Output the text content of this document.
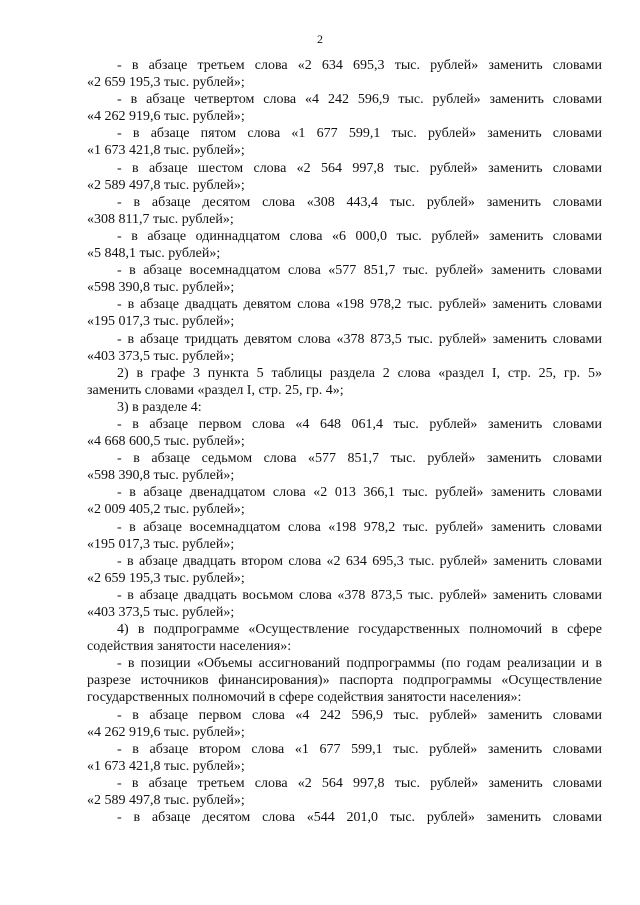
2

- в абзаце третьем слова «2 634 695,3 тыс. рублей» заменить словами
«2 659 195,3 тыс. рублей»;

- в абзаце четвертом слова «4 242 596,9 тыс. рублей» заменить словами
«4 262 919,6 тыс. рублей»;

- в абзаце пятом слова «1 677 599,1 тыс. рублей» заменить словами
«1 673 421,8 тыс. рублей»;

- в абзаце шестом слова «2 564 997,8 тыс. рублей» заменить словами
«2 589 497,8 тыс. рублей»;

- в абзаце десятом слова «308 443,4 тыс. рублей» заменить словами
«308 811,7 тыс. рублей»;

- в абзаце одиннадцатом слова «6 000,0 тыс. рублей» заменить словами
«5 848,1 тыс. рублей»;

- в абзаце восемнадцатом слова «577 851,7 тыс. рублей» заменить словами
«598 390,8 тыс. рублей»;

- в абзаце двадцать девятом слова «198 978,2 тыс. рублей» заменить словами
«195 017,3 тыс. рублей»;

- в абзаце тридцать девятом слова «378 873,5 тыс. рублей» заменить словами
«403 373,5 тыс. рублей»;

2) в графе 3 пункта 5 таблицы раздела 2 слова «раздел I, стр. 25, гр. 5»
заменить словами «раздел I, стр. 25, гр. 4»;

3) в разделе 4:

- в абзаце первом слова «4 648 061,4 тыс. рублей» заменить словами
«4 668 600,5 тыс. рублей»;

- в абзаце седьмом слова «577 851,7 тыс. рублей» заменить словами
«598 390,8 тыс. рублей»;

- в абзаце двенадцатом слова «2 013 366,1 тыс. рублей» заменить словами
«2 009 405,2 тыс. рублей»;

- в абзаце восемнадцатом слова «198 978,2 тыс. рублей» заменить словами
«195 017,3 тыс. рублей»;

- в абзаце двадцать втором слова «2 634 695,3 тыс. рублей» заменить словами
«2 659 195,3 тыс. рублей»;

- в абзаце двадцать восьмом слова «378 873,5 тыс. рублей» заменить словами
«403 373,5 тыс. рублей»;

4) в подпрограмме «Осуществление государственных полномочий в сфере
содействия занятости населения»:

- в позиции «Объемы ассигнований подпрограммы (по годам реализации и в
разрезе источников финансирования)» паспорта подпрограммы «Осуществление государственных полномочий в сфере содействия занятости населения»:

- в абзаце первом слова «4 242 596,9 тыс. рублей» заменить словами
«4 262 919,6 тыс. рублей»;

- в абзаце втором слова «1 677 599,1 тыс. рублей» заменить словами
«1 673 421,8 тыс. рублей»;

- в абзаце третьем слова «2 564 997,8 тыс. рублей» заменить словами
«2 589 497,8 тыс. рублей»;

- в абзаце десятом слова «544 201,0 тыс. рублей» заменить словами
